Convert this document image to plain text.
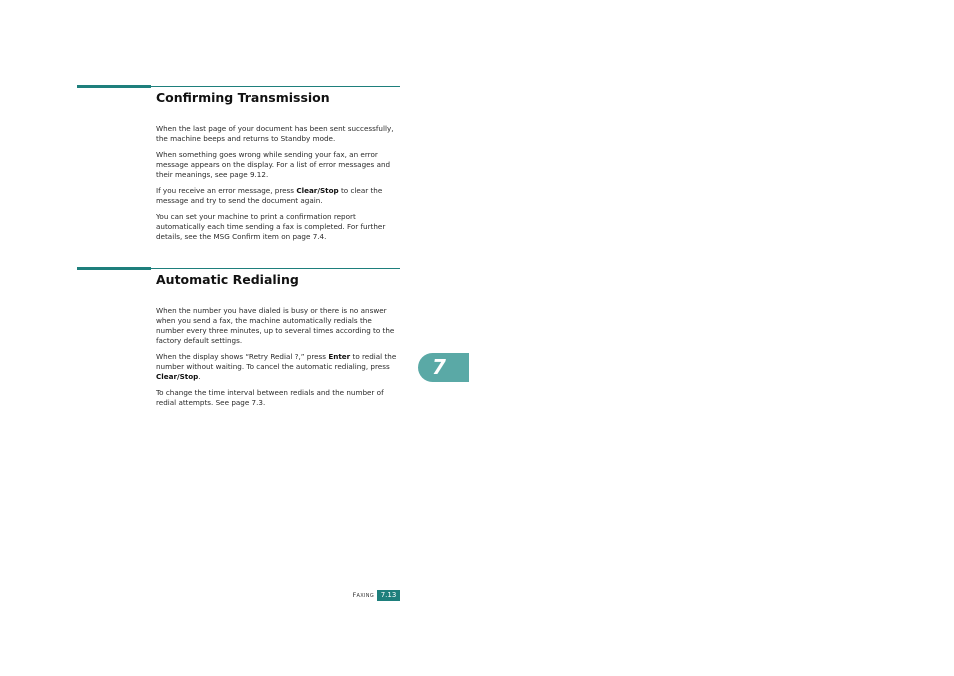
Confirming Transmission

When the last page of your document has been sent successfully, the machine beeps and returns to Standby mode.

When something goes wrong while sending your fax, an error message appears on the display. For a list of error messages and their meanings, see page 9.12.

If you receive an error message, press Clear/Stop to clear the message and try to send the document again.

You can set your machine to print a confirmation report automatically each time sending a fax is completed. For further details, see the MSG Confirm item on page 7.4.

Automatic Redialing

When the number you have dialed is busy or there is no answer when you send a fax, the machine automatically redials the number every three minutes, up to several times according to the factory default settings.

When the display shows “Retry Redial ?,” press Enter to redial the number without waiting. To cancel the automatic redialing, press Clear/Stop.

To change the time interval between redials and the number of redial attempts. See page 7.3.

7
Faxing 7.13
